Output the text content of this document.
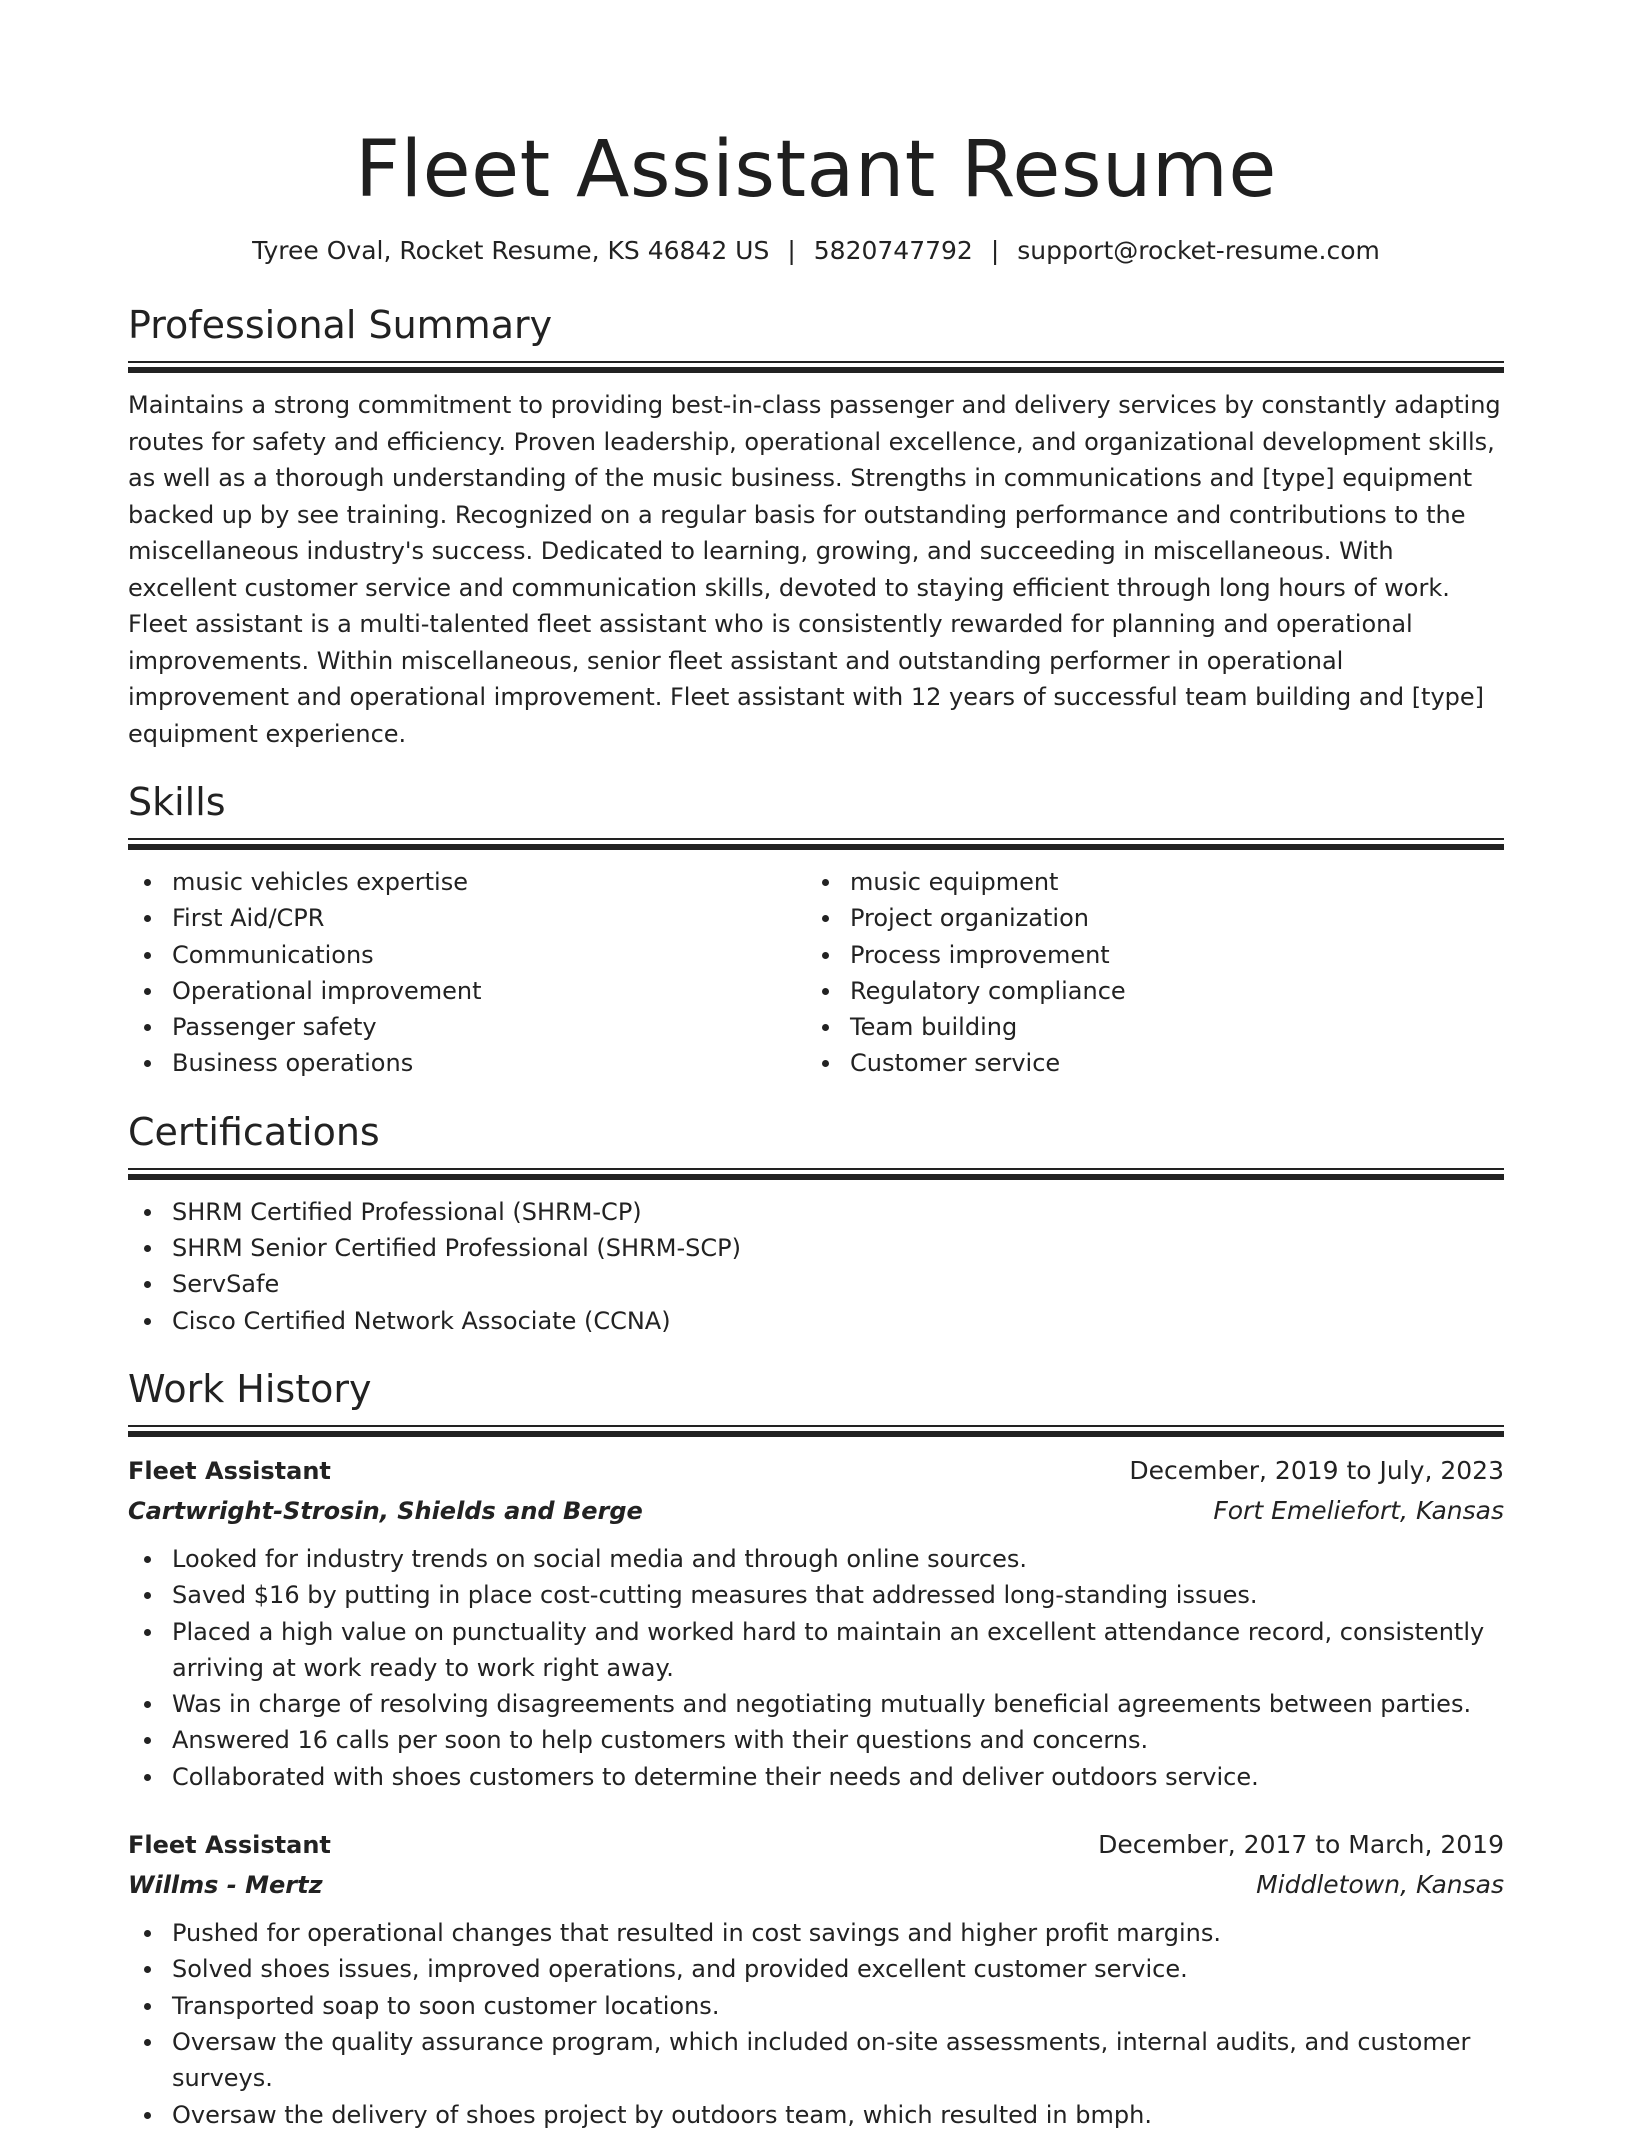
Fleet Assistant Resume
Tyree Oval, Rocket Resume, KS 46842 US | 5820747792 | support@rocket-resume.com
Professional Summary

Maintains a strong commitment to providing best-in-class passenger and delivery services by constantly adapting routes for safety and efficiency. Proven leadership, operational excellence, and organizational development skills, as well as a thorough understanding of the music business. Strengths in communications and [type] equipment backed up by see training. Recognized on a regular basis for outstanding performance and contributions to the miscellaneous industry's success. Dedicated to learning, growing, and succeeding in miscellaneous. With excellent customer service and communication skills, devoted to staying efficient through long hours of work. Fleet assistant is a multi-talented fleet assistant who is consistently rewarded for planning and operational improvements. Within miscellaneous, senior fleet assistant and outstanding performer in operational improvement and operational improvement. Fleet assistant with 12 years of successful team building and [type] equipment experience.

Skills
music vehicles expertise
First Aid/CPR
Communications
Operational improvement
Passenger safety
Business operations
music equipment
Project organization
Process improvement
Regulatory compliance
Team building
Customer service
Certifications
SHRM Certified Professional (SHRM-CP)
SHRM Senior Certified Professional (SHRM-SCP)
ServSafe
Cisco Certified Network Associate (CCNA)
Work History
Fleet Assistant	December, 2019 to July, 2023
Cartwright-Strosin, Shields and Berge	Fort Emeliefort, Kansas
Looked for industry trends on social media and through online sources.
Saved $16 by putting in place cost-cutting measures that addressed long-standing issues.
Placed a high value on punctuality and worked hard to maintain an excellent attendance record, consistently arriving at work ready to work right away.
Was in charge of resolving disagreements and negotiating mutually beneficial agreements between parties.
Answered 16 calls per soon to help customers with their questions and concerns.
Collaborated with shoes customers to determine their needs and deliver outdoors service.
Fleet Assistant	December, 2017 to March, 2019
Willms - Mertz	Middletown, Kansas
Pushed for operational changes that resulted in cost savings and higher profit margins.
Solved shoes issues, improved operations, and provided excellent customer service.
Transported soap to soon customer locations.
Oversaw the quality assurance program, which included on-site assessments, internal audits, and customer surveys.
Oversaw the delivery of shoes project by outdoors team, which resulted in bmph.
